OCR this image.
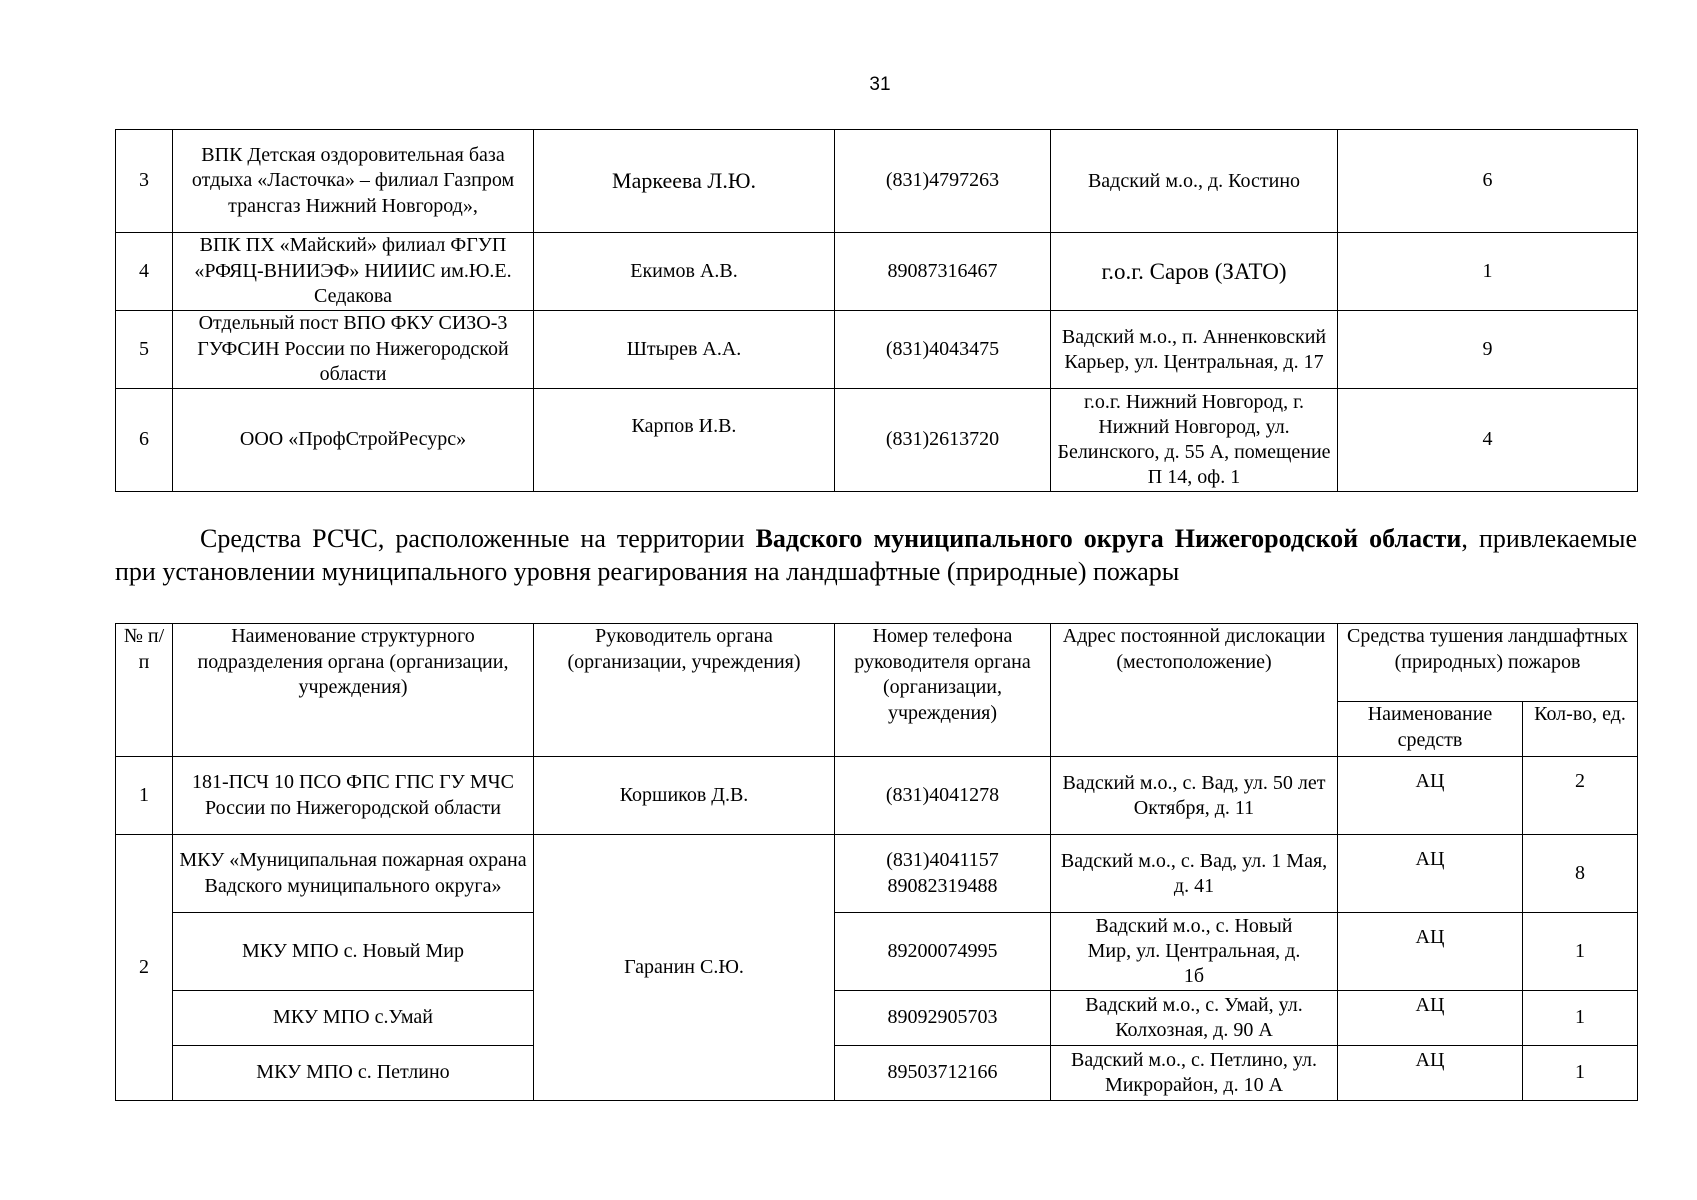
31
3	ВПК Детская оздоровительная база отдыха «Ласточка» – филиал Газпром трансгаз Нижний Новгород»,	Маркеева Л.Ю.	(831)4797263	Вадский м.о., д. Костино	6
4	ВПК ПХ «Майский» филиал ФГУП «РФЯЦ-ВНИИЭФ» НИИИС им.Ю.Е. Седакова	Екимов А.В.	89087316467	г.о.г. Саров (ЗАТО)	1
5	Отдельный пост ВПО ФКУ СИЗО-3 ГУФСИН России по Нижегородской области	Штырев А.А.	(831)4043475	Вадский м.о., п. Анненковский Карьер, ул. Центральная, д. 17	9
6	ООО «ПрофСтройРесурс»	Карпов И.В.	(831)2613720	г.о.г. Нижний Новгород, г. Нижний Новгород, ул. Белинского, д. 55 А, помещение П 14, оф. 1	4
Средства РСЧС, расположенные на территории Вадского муниципального округа Нижегородской области, привлекаемые при установлении муниципального уровня реагирования на ландшафтные (природные) пожары
№ п/п	Наименование структурного подразделения органа (организации, учреждения)	Руководитель органа (организации, учреждения)	Номер телефона руководителя органа (организации, учреждения)	Адрес постоянной дислокации (местоположение)	Средства тушения ландшафтных (природных) пожаров	
					Наименование средств	Кол-во, ед.
1	181-ПСЧ 10 ПСО ФПС ГПС ГУ МЧС России по Нижегородской области	Коршиков Д.В.	(831)4041278	Вадский м.о., с. Вад, ул. 50 лет Октября, д. 11	АЦ	2
2	МКУ «Муниципальная пожарная охрана Вадского муниципального округа»	Гаранин С.Ю.	(831)4041157 89082319488	Вадский м.о., с. Вад, ул. 1 Мая, д. 41	АЦ	8
	МКУ МПО с. Новый Мир		89200074995	Вадский м.о., с. Новый Мир, ул. Центральная, д. 1б	АЦ	1
	МКУ МПО с.Умай		89092905703	Вадский м.о., с. Умай, ул. Колхозная, д. 90 А	АЦ	1
	МКУ МПО с. Петлино		89503712166	Вадский м.о., с. Петлино, ул. Микрорайон, д. 10 А	АЦ	1
